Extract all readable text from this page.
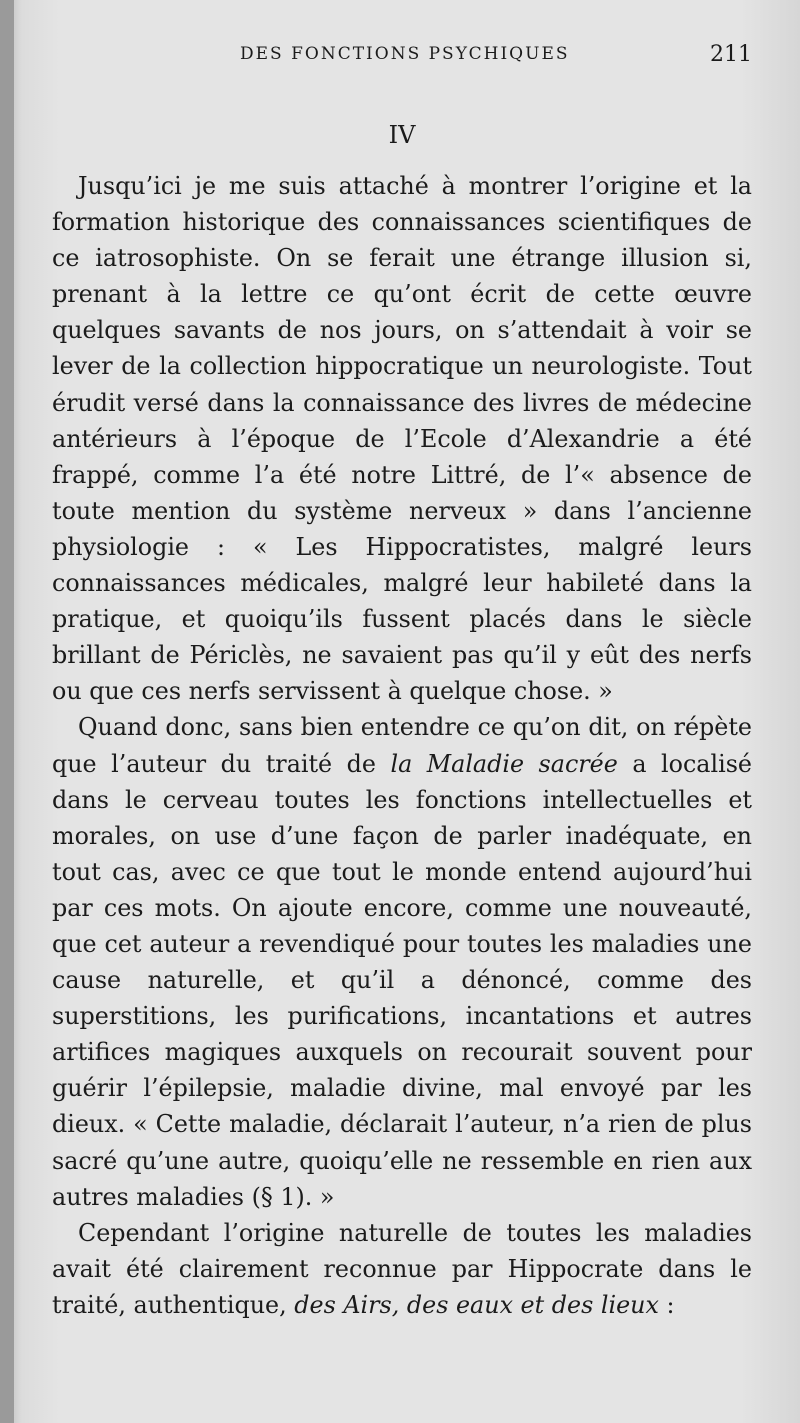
DES FONCTIONS PSYCHIQUES	211
IV

Jusqu’ici je me suis attaché à montrer l’origine et la formation historique des connaissances scientifiques de ce iatrosophiste. On se ferait une étrange illusion si, prenant à la lettre ce qu’ont écrit de cette œuvre quelques savants de nos jours, on s’attendait à voir se lever de la collection hippocratique un neurologiste. Tout érudit versé dans la connaissance des livres de médecine antérieurs à l’époque de l’Ecole d’Alexandrie a été frappé, comme l’a été notre Littré, de l’« absence de toute mention du système nerveux » dans l’ancienne physiologie : « Les Hippocratistes, malgré leurs connaissances médicales, malgré leur habileté dans la pratique, et quoiqu’ils fussent placés dans le siècle brillant de Périclès, ne savaient pas qu’il y eût des nerfs ou que ces nerfs servissent à quelque chose. »

Quand donc, sans bien entendre ce qu’on dit, on répète que l’auteur du traité de la Maladie sacrée a localisé dans le cerveau toutes les fonctions intellectuelles et morales, on use d’une façon de parler inadéquate, en tout cas, avec ce que tout le monde entend aujourd’hui par ces mots. On ajoute encore, comme une nouveauté, que cet auteur a revendiqué pour toutes les maladies une cause naturelle, et qu’il a dénoncé, comme des superstitions, les purifications, incantations et autres artifices magiques auxquels on recourait souvent pour guérir l’épilepsie, maladie divine, mal envoyé par les dieux. « Cette maladie, déclarait l’auteur, n’a rien de plus sacré qu’une autre, quoiqu’elle ne ressemble en rien aux autres maladies (§ 1). »

Cependant l’origine naturelle de toutes les maladies avait été clairement reconnue par Hippocrate dans le traité, authentique, des Airs, des eaux et des lieux :
